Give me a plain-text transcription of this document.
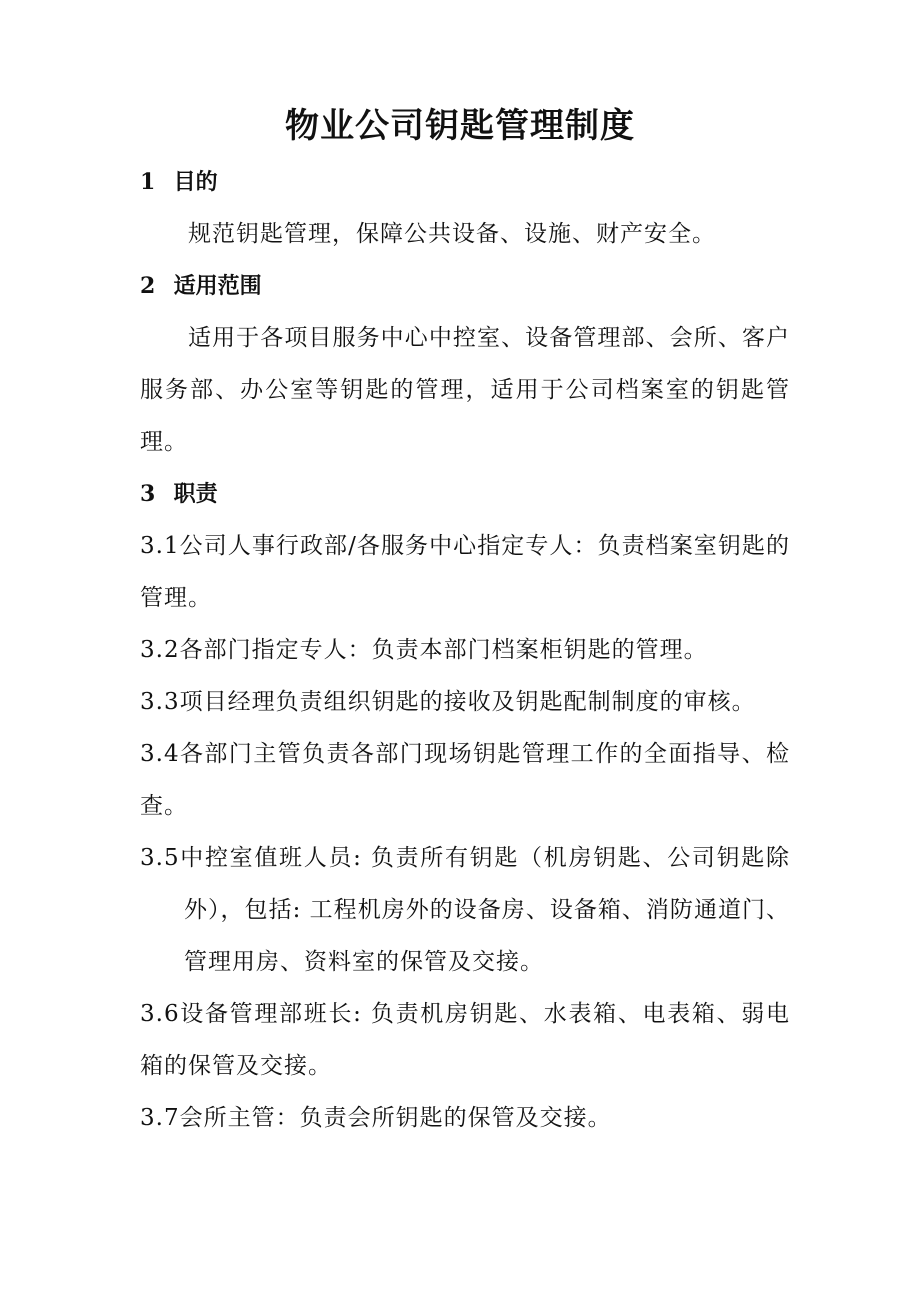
物业公司钥匙管理制度
1 目的
规范钥匙管理，保障公共设备、设施、财产安全。
2 适用范围
适用于各项目服务中心中控室、设备管理部、会所、客户服务部、办公室等钥匙的管理，适用于公司档案室的钥匙管理。
3 职责
3.1公司人事行政部/各服务中心指定专人：负责档案室钥匙的管理。
3.2各部门指定专人：负责本部门档案柜钥匙的管理。
3.3项目经理负责组织钥匙的接收及钥匙配制制度的审核。
3.4各部门主管负责各部门现场钥匙管理工作的全面指导、检查。
3.5中控室值班人员: 负责所有钥匙（机房钥匙、公司钥匙除外），包括: 工程机房外的设备房、设备箱、消防通道门、管理用房、资料室的保管及交接。
3.6设备管理部班长: 负责机房钥匙、水表箱、电表箱、弱电箱的保管及交接。
3.7会所主管：负责会所钥匙的保管及交接。
